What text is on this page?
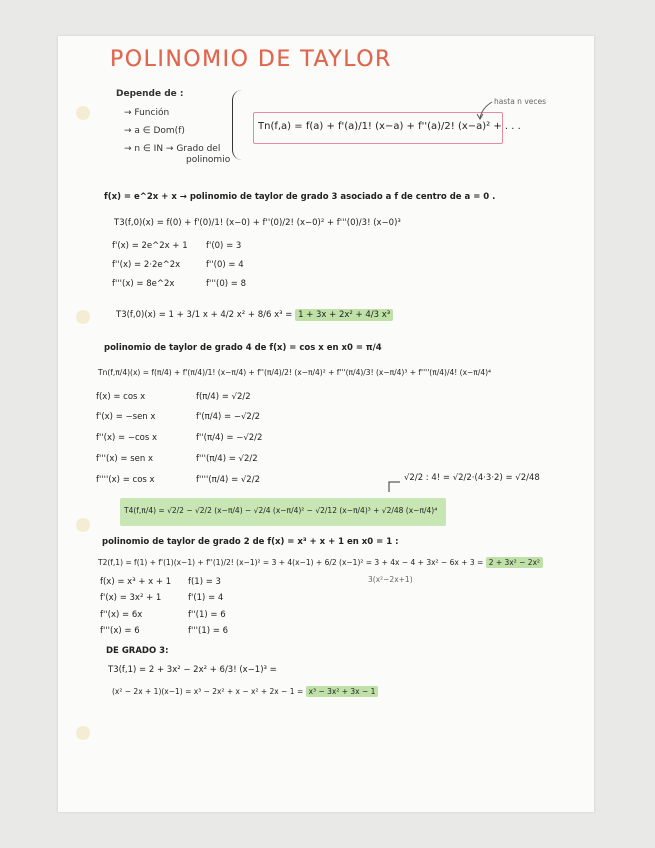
POLINOMIO DE TAYLOR
Depende de :
→ Función
→ a ∈ Dom(f)
→ n ∈ IN → Grado del
polinomio
Tn(f,a) = f(a) + f'(a)/1! (x−a) + f''(a)/2! (x−a)² + . . .
hasta n veces
f(x) = e^2x + x → polinomio de taylor de grado 3 asociado a f de centro de a = 0 .
T3(f,0)(x) = f(0) + f'(0)/1! (x−0) + f''(0)/2! (x−0)² + f'''(0)/3! (x−0)³
f'(x) = 2e^2x + 1
f''(x) = 2·2e^2x
f'''(x) = 8e^2x
f'(0) = 3
f''(0) = 4
f'''(0) = 8
T3(f,0)(x) = 1 + 3/1 x + 4/2 x² + 8/6 x³ = 1 + 3x + 2x² + 4/3 x³
polinomio de taylor de grado 4 de f(x) = cos x en x0 = π/4
Tn(f,π/4)(x) = f(π/4) + f'(π/4)/1! (x−π/4) + f''(π/4)/2! (x−π/4)² + f'''(π/4)/3! (x−π/4)³ + f''''(π/4)/4! (x−π/4)⁴
f(x) = cos x
f'(x) = −sen x
f''(x) = −cos x
f'''(x) = sen x
f''''(x) = cos x
f(π/4) = √2/2
f'(π/4) = −√2/2
f''(π/4) = −√2/2
f'''(π/4) = √2/2
f''''(π/4) = √2/2	√2/2 : 4! = √2/2·(4·3·2) = √2/48
T4(f,π/4) = √2/2 − √2/2 (x−π/4) − √2/4 (x−π/4)² − √2/12 (x−π/4)³ + √2/48 (x−π/4)⁴
polinomio de taylor de grado 2 de f(x) = x³ + x + 1 en x0 = 1 :
T2(f,1) = f(1) + f'(1)(x−1) + f''(1)/2! (x−1)² = 3 + 4(x−1) + 6/2 (x−1)² = 3 + 4x − 4 + 3x² − 6x + 3 = 2 + 3x² − 2x²
3(x²−2x+1)
f(x) = x³ + x + 1
f'(x) = 3x² + 1
f''(x) = 6x
f'''(x) = 6
f(1) = 3
f'(1) = 4
f''(1) = 6
f'''(1) = 6
DE GRADO 3:
T3(f,1) = 2 + 3x² − 2x² + 6/3! (x−1)³ =
(x² − 2x + 1)(x−1) = x³ − 2x² + x − x² + 2x − 1 = x³ − 3x² + 3x − 1
